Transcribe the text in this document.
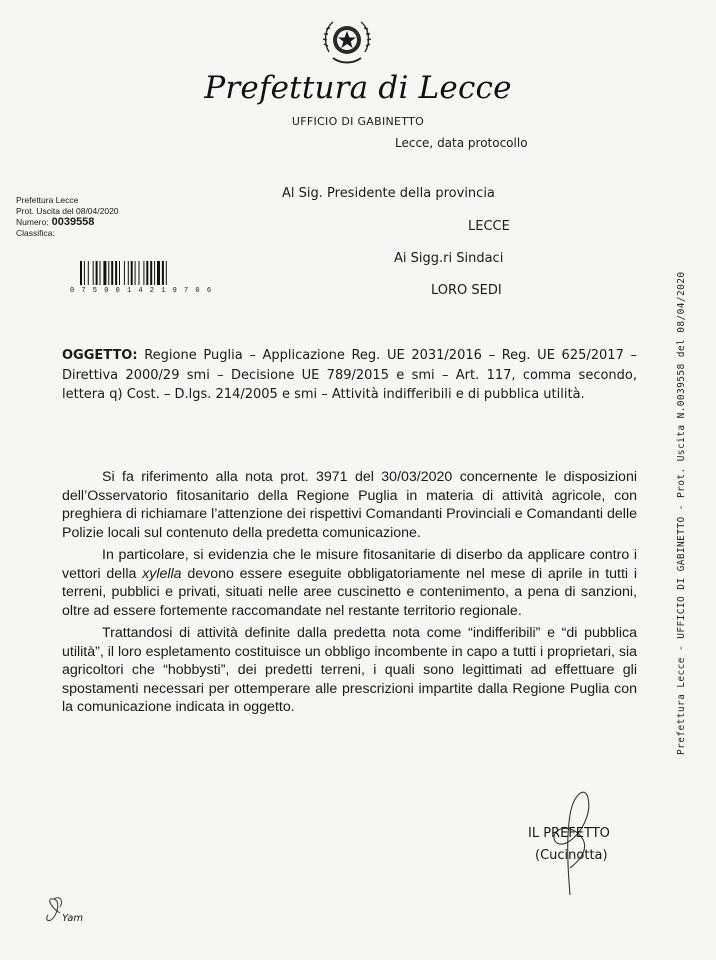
Prefettura di Lecce
UFFICIO DI GABINETTO
Lecce, data protocollo
Prefettura Lecce
Prot. Uscita del 08/04/2020
Numero: 0039558
Classifica:
0 7 5 0 0 1 4 2 1 9 7 0 6
Al Sig. Presidente della provincia
LECCE
Ai Sigg.ri Sindaci
LORO SEDI	Prefettura Lecce - UFFICIO DI GABINETTO - Prot. Uscita N.0039558 del 08/04/2020
OGGETTO: Regione Puglia – Applicazione Reg. UE 2031/2016 – Reg. UE 625/2017 – Direttiva 2000/29 smi – Decisione UE 789/2015 e smi – Art. 117, comma secondo, lettera q) Cost. – D.lgs. 214/2005 e smi – Attività indifferibili e di pubblica utilità.

Si fa riferimento alla nota prot. 3971 del 30/03/2020 concernente le disposizioni dell’Osservatorio fitosanitario della Regione Puglia in materia di attività agricole, con preghiera di richiamare l’attenzione dei rispettivi Comandanti Provinciali e Comandanti delle Polizie locali sul contenuto della predetta comunicazione.

In particolare, si evidenzia che le misure fitosanitarie di diserbo da applicare contro i vettori della xylella devono essere eseguite obbligatoriamente nel mese di aprile in tutti i terreni, pubblici e privati, situati nelle aree cuscinetto e contenimento, a pena di sanzioni, oltre ad essere fortemente raccomandate nel restante territorio regionale.

Trattandosi di attività definite dalla predetta nota come “indifferibili” e “di pubblica utilità”, il loro espletamento costituisce un obbligo incombente in capo a tutti i proprietari, sia agricoltori che “hobbysti”, dei predetti terreni, i quali sono legittimati ad effettuare gli spostamenti necessari per ottemperare alle prescrizioni impartite dalla Regione Puglia con la comunicazione indicata in oggetto.

IL PREFETTO
(Cucinotta)
Yam
